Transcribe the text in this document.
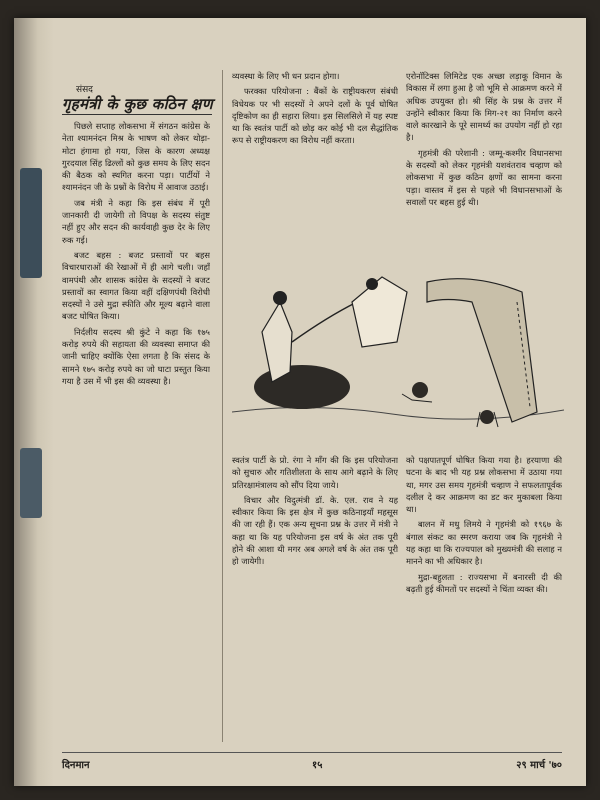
संसद
गृहमंत्री के कुछ कठिन क्षण

पिछले सप्ताह लोकसभा में संगठन कांग्रेस के नेता श्यामनंदन मिश्र के भाषण को लेकर थोड़ा-मोटा हंगामा हो गया, जिस के कारण अध्यक्ष गुरदयाल सिंह ढिल्लों को कुछ समय के लिए सदन की बैठक को स्थगित करना पड़ा। पार्टीयों ने श्यामनंदन जी के प्रश्नों के विरोध में आवाज उठाई।

जब मंत्री ने कहा कि इस संबंध में पूरी जानकारी दी जायेगी तो विपक्ष के सदस्य संतुष्ट नहीं हुए और सदन की कार्यवाही कुछ देर के लिए रुक गई।

बजट बहस : बजट प्रस्तावों पर बहस विचारधाराओं की रेखाओं में ही आगे चली। जहाँ वामपंथी और शासक कांग्रेस के सदस्यों ने बजट प्रस्तावों का स्वागत किया वहीं दक्षिणपंथी विरोधी सदस्यों ने उसे मुद्रा स्फीति और मूल्य बढ़ाने वाला बजट घोषित किया।

निर्दलीय सदस्य श्री कुंटे ने कहा कि १७५ करोड़ रुपये की सहायता की व्यवस्था समाप्त की जानी चाहिए क्योंकि ऐसा लगता है कि संसद के सामने १७५ करोड़ रुपये का जो घाटा प्रस्तुत किया गया है उस में भी इस की व्यवस्था है।

व्यवस्था के लिए भी धन प्रदान होगा।

फरक्का परियोजना : बैंकों के राष्ट्रीयकरण संबंधी विधेयक पर भी सदस्यों ने अपने दलों के पूर्व घोषित दृष्टिकोण का ही सहारा लिया। इस सिलसिले में यह स्पष्ट था कि स्वतंत्र पार्टी को छोड़ कर कोई भी दल सैद्धांतिक रूप से राष्ट्रीयकरण का विरोध नहीं करता।

एरोनॉटिक्स लिमिटेड एक अच्छा लड़ाकू विमान के विकास में लगा हुआ है जो भूमि से आक्रमण करने में अधिक उपयुक्त हो। श्री सिंह के प्रश्न के उत्तर में उन्होंने स्वीकार किया कि मिग-२१ का निर्माण करने वाले कारखाने के पूरे सामर्थ्य का उपयोग नहीं हो रहा है।

गृहमंत्री की परेशानी : जम्मू-कश्मीर विधानसभा के सदस्यों को लेकर गृहमंत्री यशवंतराव चव्हाण को लोकसभा में कुछ कठिन क्षणों का सामना करना पड़ा। वास्तव में इस से पहले भी विधानसभाओं के सवालों पर बहस हुई थी।

स्वतंत्र पार्टी के प्रो. रंगा ने माँग की कि इस परियोजना को सुचारु और गतिशीलता के साथ आगे बढ़ाने के लिए प्रतिरक्षामंत्रालय को सौंप दिया जाये।

विचार और विदुत्मंत्री डॉ. के. एल. राव ने यह स्वीकार किया कि इस क्षेत्र में कुछ कठिनाइयाँ महसूस की जा रही हैं। एक अन्य सूचना प्रश्न के उत्तर में मंत्री ने कहा था कि यह परियोजना इस वर्ष के अंत तक पूरी होने की आशा थी मगर अब अगले वर्ष के अंत तक पूरी हो जायेगी।

को पक्षपातपूर्ण घोषित किया गया है। हरयाणा की घटना के बाद भी यह प्रश्न लोकसभा में उठाया गया था, मगर उस समय गृहमंत्री चव्हाण ने सफलतापूर्वक दलील दे कर आक्रमण का डट कर मुकाबला किया था।

बालन में मधु लिमये ने गृहमंत्री को १९६७ के बंगाल संकट का स्मरण कराया जब कि गृहमंत्री ने यह कहा था कि राज्यपाल को मुख्यमंत्री की सलाह न मानने का भी अधिकार है।

मुद्रा-बहुलता : राज्यसभा में बनारसी दी की बढ़ती हुई कीमतों पर सदस्यों ने चिंता व्यक्त की।

दिनमान	१५	२९ मार्च '७०
